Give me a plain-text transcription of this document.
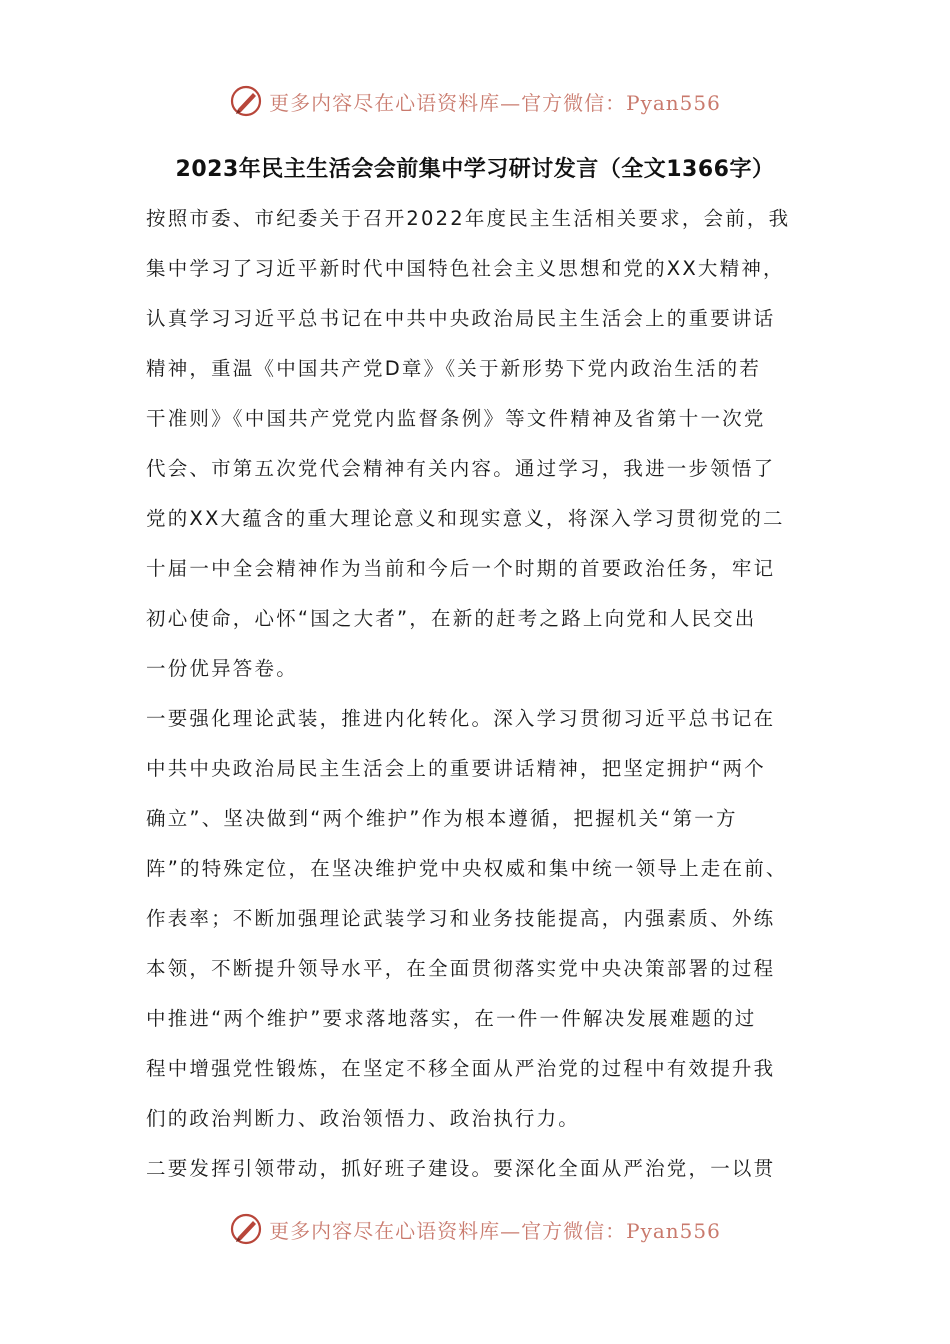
更多内容尽在心语资料库—官方微信：Pyan556
2023年民主生活会会前集中学习研讨发言（全文1366字）
按照市委、市纪委关于召开2022年度民主生活相关要求，会前，我
集中学习了习近平新时代中国特色社会主义思想和党的XX大精神，
认真学习习近平总书记在中共中央政治局民主生活会上的重要讲话
精神，重温《中国共产党D章》《关于新形势下党内政治生活的若
干准则》《中国共产党党内监督条例》等文件精神及省第十一次党
代会、市第五次党代会精神有关内容。通过学习，我进一步领悟了
党的XX大蕴含的重大理论意义和现实意义，将深入学习贯彻党的二
十届一中全会精神作为当前和今后一个时期的首要政治任务，牢记
初心使命，心怀“国之大者”，在新的赶考之路上向党和人民交出
一份优异答卷。
一要强化理论武装，推进内化转化。深入学习贯彻习近平总书记在
中共中央政治局民主生活会上的重要讲话精神，把坚定拥护“两个
确立”、坚决做到“两个维护”作为根本遵循，把握机关“第一方
阵”的特殊定位，在坚决维护党中央权威和集中统一领导上走在前、
作表率；不断加强理论武装学习和业务技能提高，内强素质、外练
本领，不断提升领导水平，在全面贯彻落实党中央决策部署的过程
中推进“两个维护”要求落地落实，在一件一件解决发展难题的过
程中增强党性锻炼，在坚定不移全面从严治党的过程中有效提升我
们的政治判断力、政治领悟力、政治执行力。
二要发挥引领带动，抓好班子建设。要深化全面从严治党，一以贯
更多内容尽在心语资料库—官方微信：Pyan556
